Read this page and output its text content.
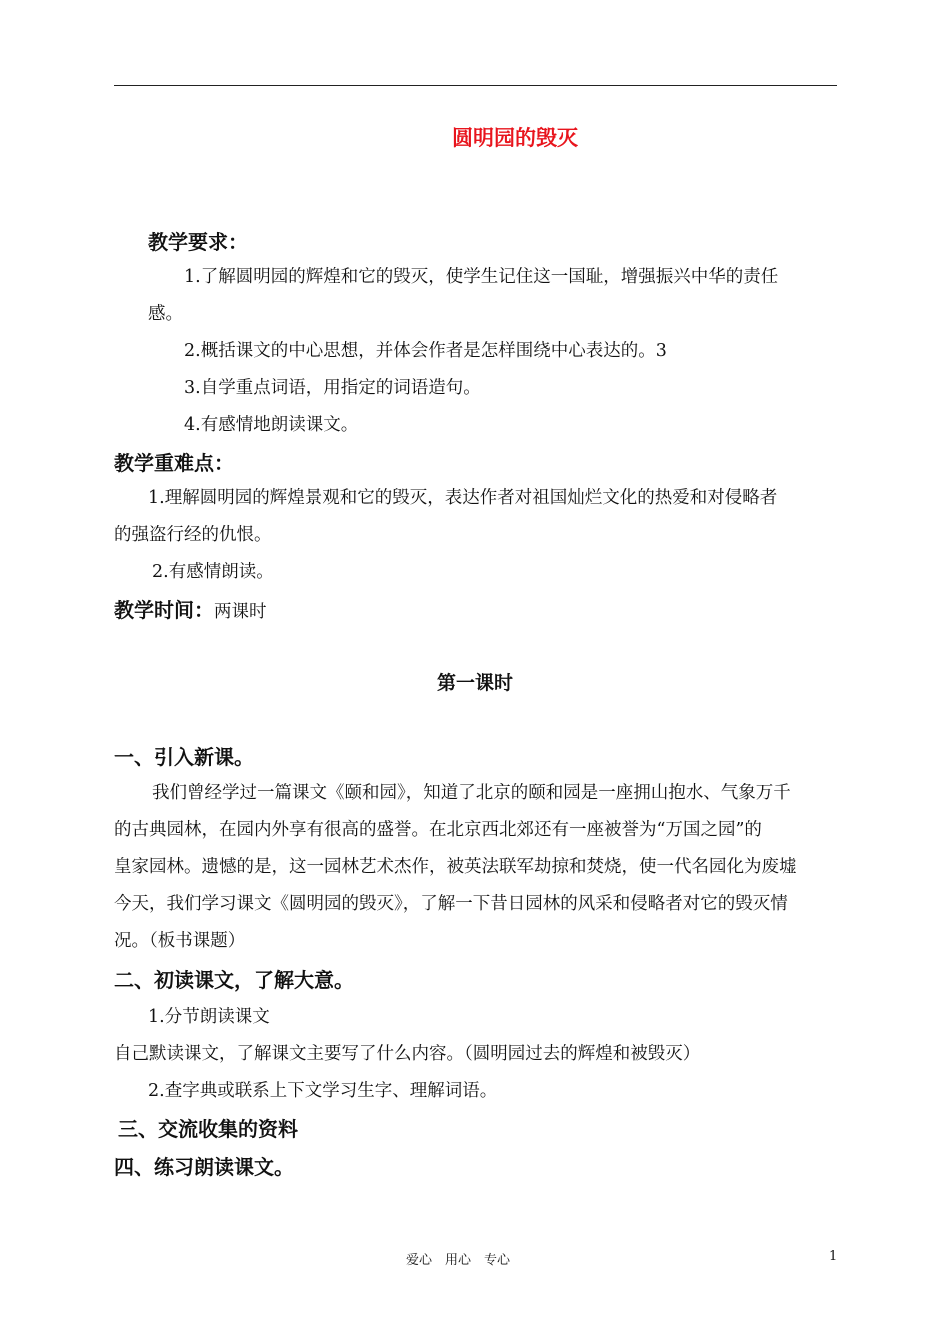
圆明园的毁灭
教学要求：
1.了解圆明园的辉煌和它的毁灭，使学生记住这一国耻，增强振兴中华的责任
感。
2.概括课文的中心思想，并体会作者是怎样围绕中心表达的。3
3.自学重点词语，用指定的词语造句。
4.有感情地朗读课文。
教学重难点：
1.理解圆明园的辉煌景观和它的毁灭，表达作者对祖国灿烂文化的热爱和对侵略者
的强盗行经的仇恨。
2.有感情朗读。
教学时间：两课时
第一课时
一、引入新课。
我们曾经学过一篇课文《颐和园》，知道了北京的颐和园是一座拥山抱水、气象万千
的古典园林，在园内外享有很高的盛誉。在北京西北郊还有一座被誉为“万国之园”的
皇家园林。遗憾的是，这一园林艺术杰作，被英法联军劫掠和焚烧，使一代名园化为废墟
今天，我们学习课文《圆明园的毁灭》，了解一下昔日园林的风采和侵略者对它的毁灭情
况。（板书课题）
二、初读课文，了解大意。
1.分节朗读课文
自己默读课文，了解课文主要写了什么内容。（圆明园过去的辉煌和被毁灭）
2.查字典或联系上下文学习生字、理解词语。
三、交流收集的资料
四、练习朗读课文。
爱心　用心　专心	1
